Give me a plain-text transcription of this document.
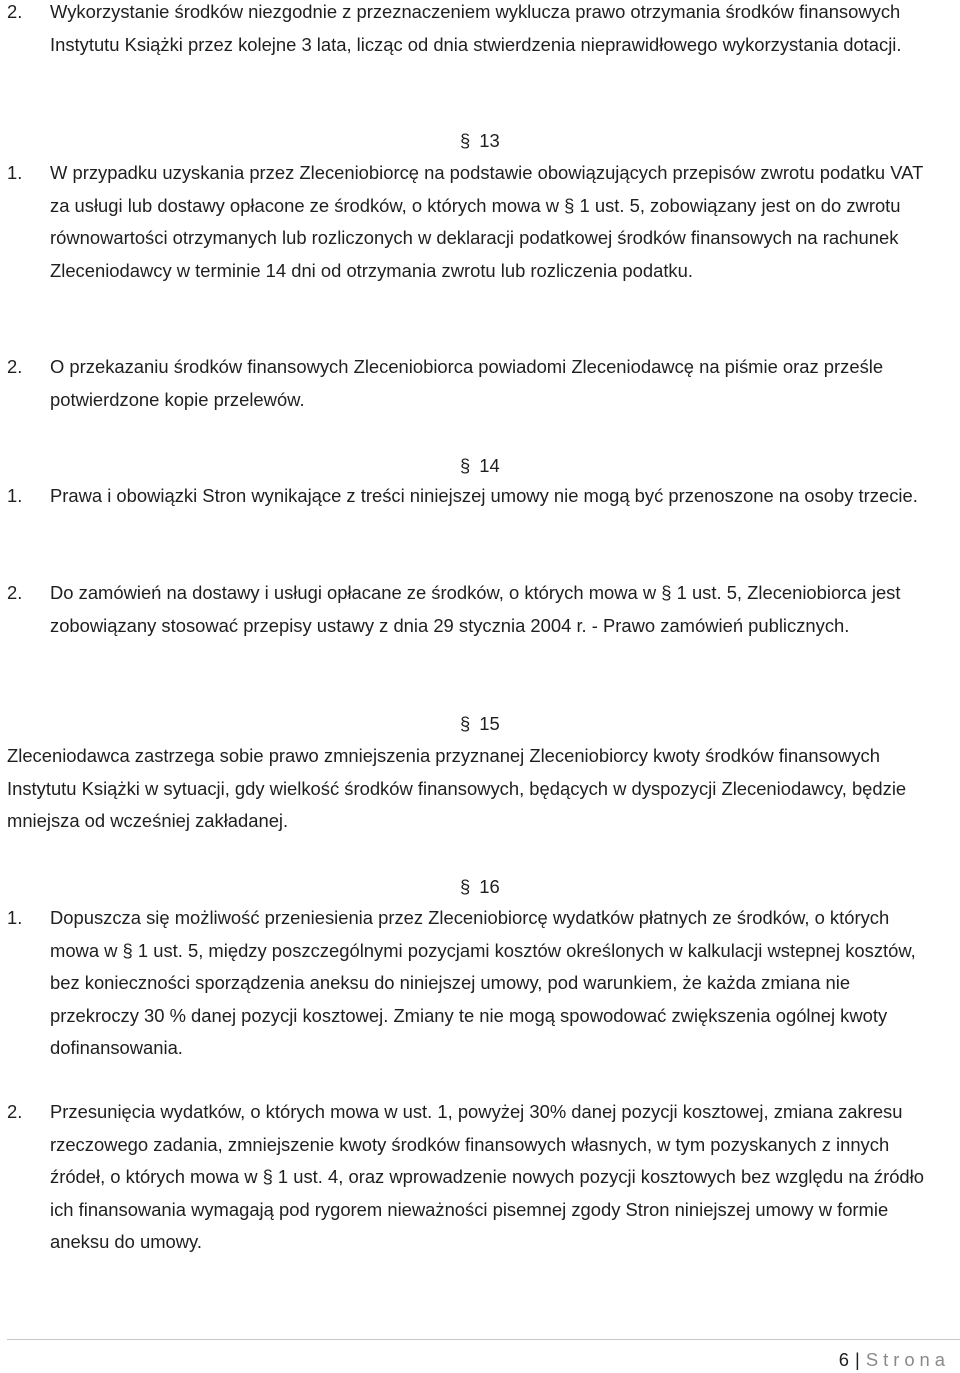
2.	Wykorzystanie środków niezgodnie z przeznaczeniem wyklucza prawo otrzymania środków finansowych Instytutu Książki przez kolejne 3 lata, licząc od dnia stwierdzenia nieprawidłowego wykorzystania dotacji.
§ 13
1.	W przypadku uzyskania przez Zleceniobiorcę na podstawie obowiązujących przepisów zwrotu podatku VAT za usługi lub dostawy opłacone ze środków, o których mowa w § 1 ust. 5, zobowiązany jest on do zwrotu równowartości otrzymanych lub rozliczonych w deklaracji podatkowej środków finansowych na rachunek Zleceniodawcy w terminie 14 dni od otrzymania zwrotu lub rozliczenia podatku.
2.	O przekazaniu środków finansowych Zleceniobiorca powiadomi Zleceniodawcę na piśmie oraz prześle potwierdzone kopie przelewów.
§ 14
1.	Prawa i obowiązki Stron wynikające z treści niniejszej umowy nie mogą być przenoszone na osoby trzecie.
2.	Do zamówień na dostawy i usługi opłacane ze środków, o których mowa w § 1 ust. 5, Zleceniobiorca jest zobowiązany stosować przepisy ustawy z dnia 29 stycznia 2004 r. - Prawo zamówień publicznych.
§ 15
Zleceniodawca zastrzega sobie prawo zmniejszenia przyznanej Zleceniobiorcy kwoty środków finansowych Instytutu Książki w sytuacji, gdy wielkość środków finansowych, będących w dyspozycji Zleceniodawcy, będzie mniejsza od wcześniej zakładanej.
§ 16
1.	Dopuszcza się możliwość przeniesienia przez Zleceniobiorcę wydatków płatnych ze środków, o których mowa w § 1 ust. 5, między poszczególnymi pozycjami kosztów określonych w kalkulacji wstepnej kosztów, bez konieczności sporządzenia aneksu do niniejszej umowy, pod warunkiem, że każda zmiana nie przekroczy 30 % danej pozycji kosztowej. Zmiany te nie mogą spowodować zwiększenia ogólnej kwoty dofinansowania.
2.	Przesunięcia wydatków, o których mowa w ust. 1, powyżej 30% danej pozycji kosztowej, zmiana zakresu rzeczowego zadania, zmniejszenie kwoty środków finansowych własnych, w tym pozyskanych z innych źródeł, o których mowa w § 1 ust. 4, oraz wprowadzenie nowych pozycji kosztowych bez względu na źródło ich finansowania wymagają pod rygorem nieważności pisemnej zgody Stron niniejszej umowy w formie aneksu do umowy.
6 | Strona
